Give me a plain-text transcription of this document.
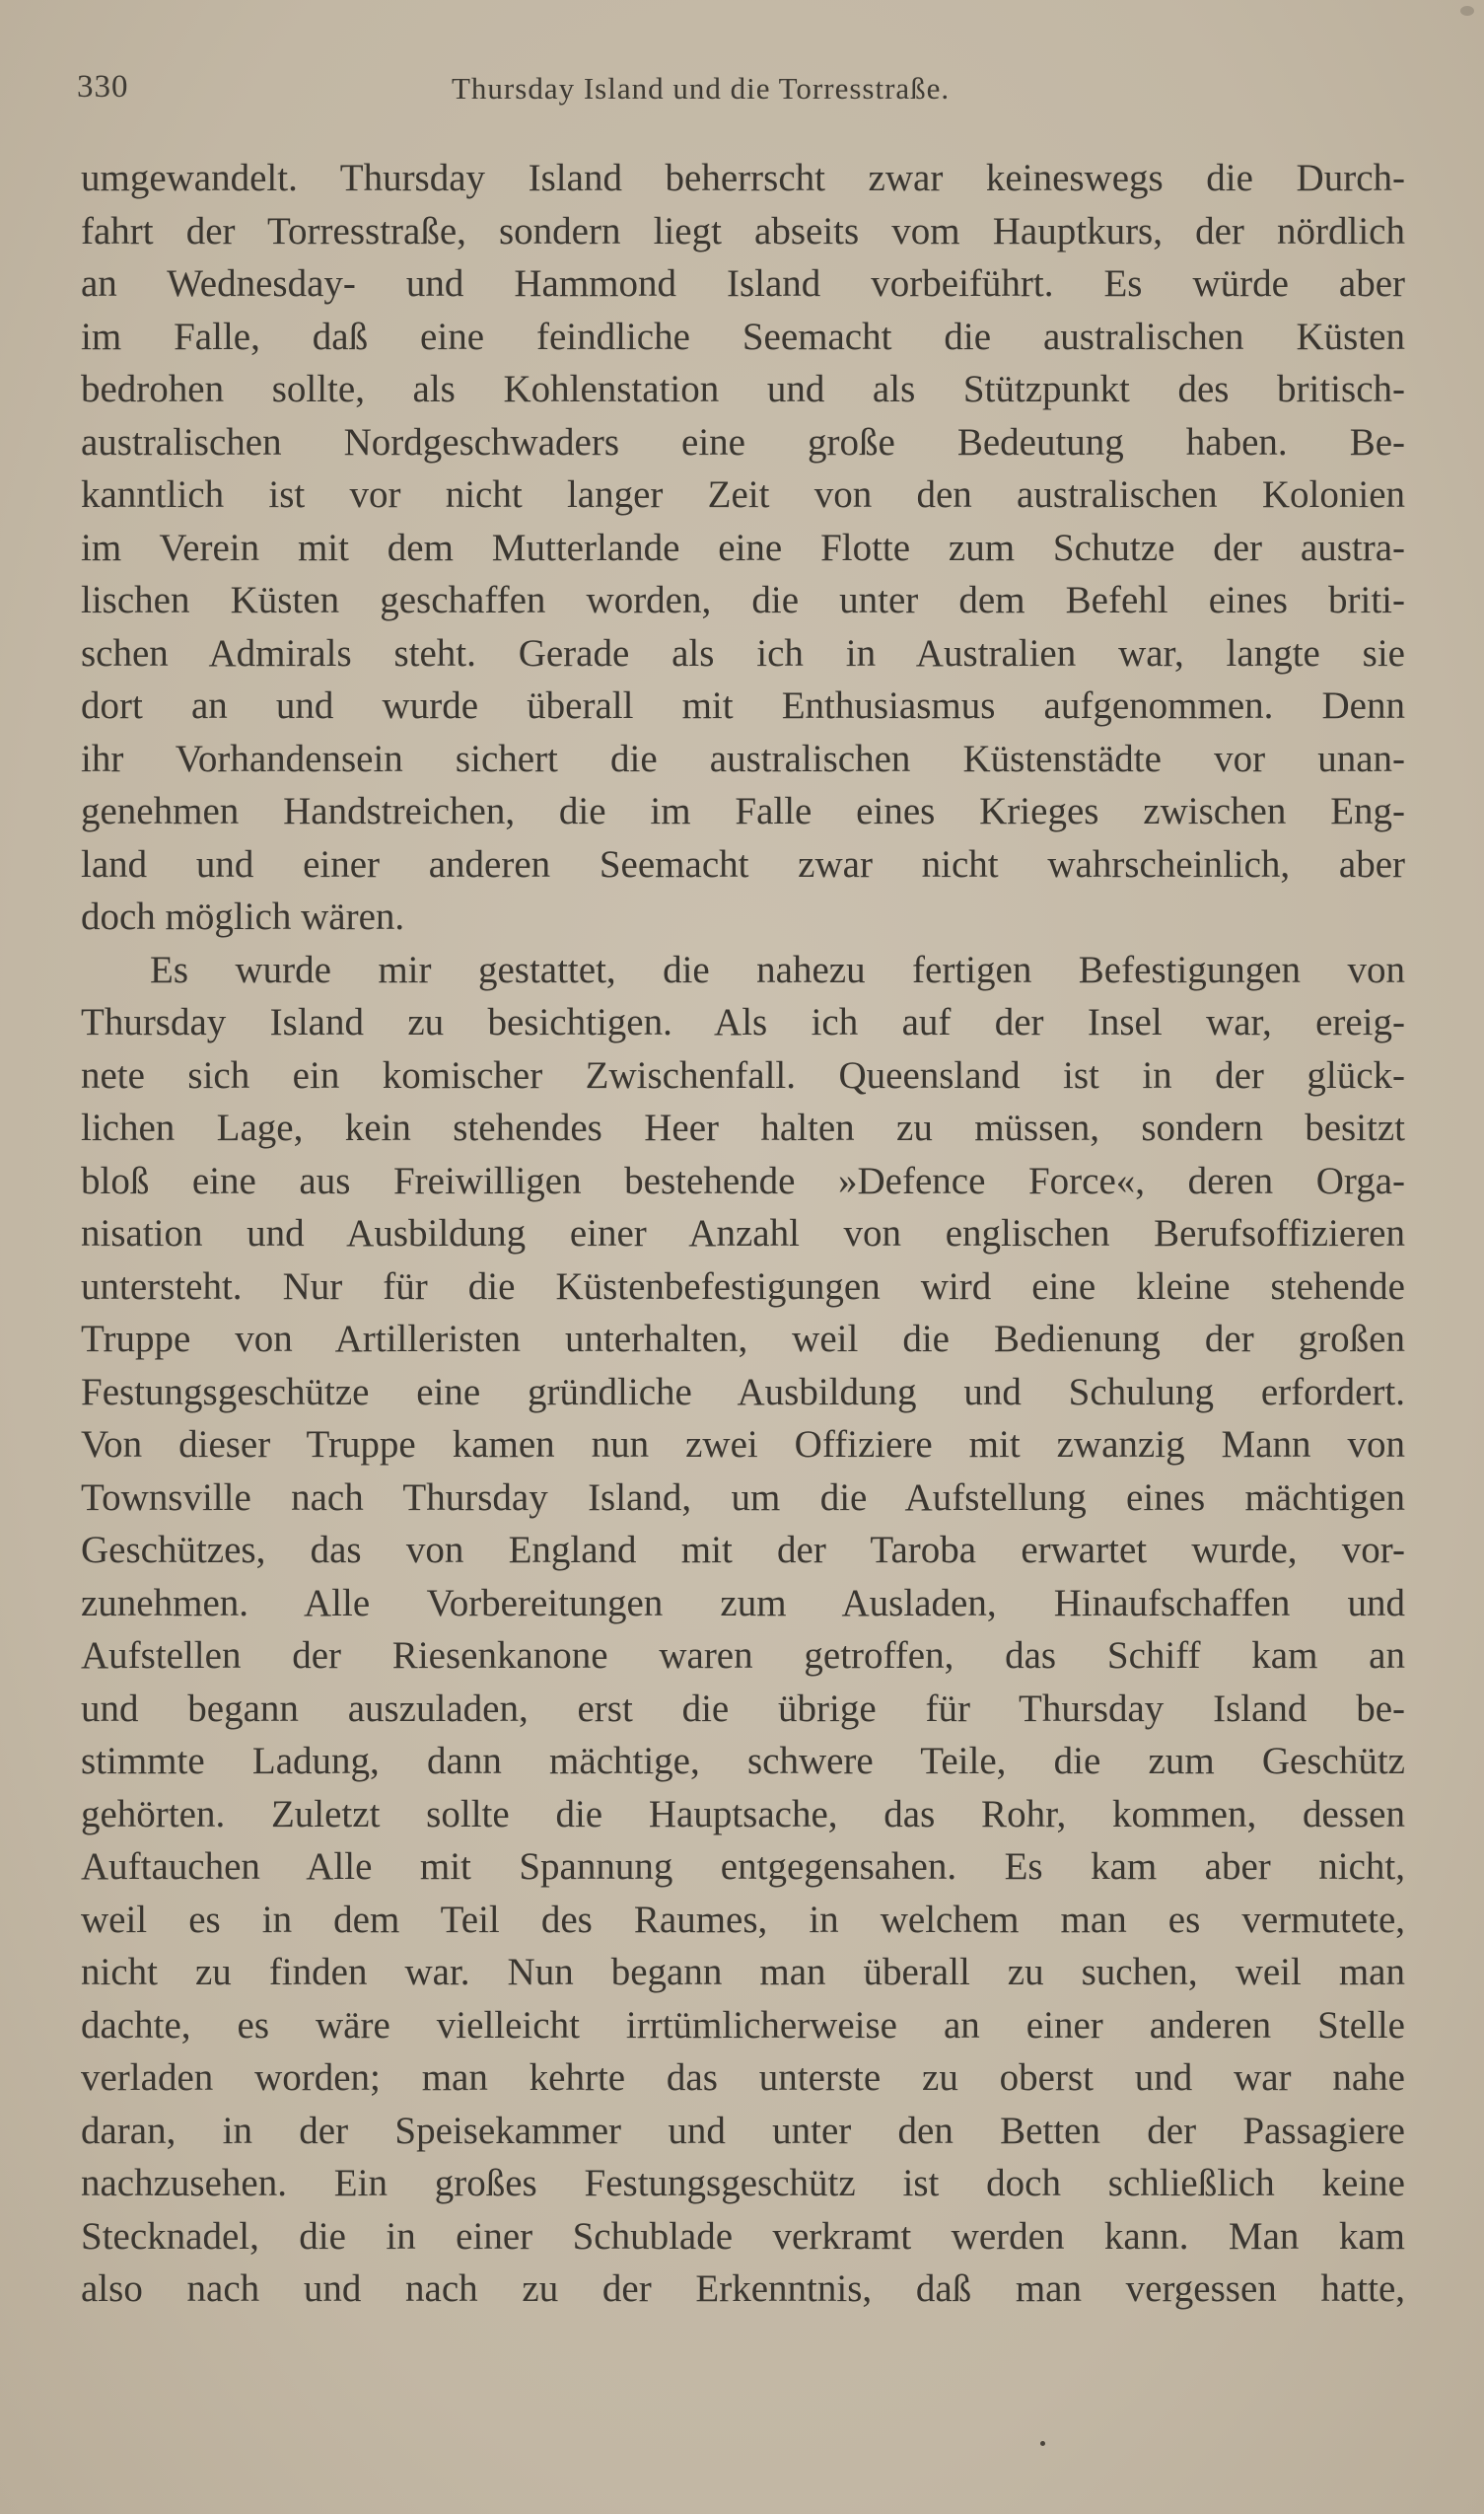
330	Thursday Island und die Torresstraße.
umgewandelt. Thursday Island beherrscht zwar keineswegs die Durch-
fahrt der Torresstraße, sondern liegt abseits vom Hauptkurs, der nördlich
an Wednesday- und Hammond Island vorbeiführt. Es würde aber
im Falle, daß eine feindliche Seemacht die australischen Küsten
bedrohen sollte, als Kohlenstation und als Stützpunkt des britisch-
australischen Nordgeschwaders eine große Bedeutung haben. Be-
kanntlich ist vor nicht langer Zeit von den australischen Kolonien
im Verein mit dem Mutterlande eine Flotte zum Schutze der austra-
lischen Küsten geschaffen worden, die unter dem Befehl eines briti-
schen Admirals steht. Gerade als ich in Australien war, langte sie
dort an und wurde überall mit Enthusiasmus aufgenommen. Denn
ihr Vorhandensein sichert die australischen Küstenstädte vor unan-
genehmen Handstreichen, die im Falle eines Krieges zwischen Eng-
land und einer anderen Seemacht zwar nicht wahrscheinlich, aber
doch möglich wären.
Es wurde mir gestattet, die nahezu fertigen Befestigungen von
Thursday Island zu besichtigen. Als ich auf der Insel war, ereig-
nete sich ein komischer Zwischenfall. Queensland ist in der glück-
lichen Lage, kein stehendes Heer halten zu müssen, sondern besitzt
bloß eine aus Freiwilligen bestehende »Defence Force«, deren Orga-
nisation und Ausbildung einer Anzahl von englischen Berufsoffizieren
untersteht. Nur für die Küstenbefestigungen wird eine kleine stehende
Truppe von Artilleristen unterhalten, weil die Bedienung der großen
Festungsgeschütze eine gründliche Ausbildung und Schulung erfordert.
Von dieser Truppe kamen nun zwei Offiziere mit zwanzig Mann von
Townsville nach Thursday Island, um die Aufstellung eines mächtigen
Geschützes, das von England mit der Taroba erwartet wurde, vor-
zunehmen. Alle Vorbereitungen zum Ausladen, Hinaufschaffen und
Aufstellen der Riesenkanone waren getroffen, das Schiff kam an
und begann auszuladen, erst die übrige für Thursday Island be-
stimmte Ladung, dann mächtige, schwere Teile, die zum Geschütz
gehörten. Zuletzt sollte die Hauptsache, das Rohr, kommen, dessen
Auftauchen Alle mit Spannung entgegensahen. Es kam aber nicht,
weil es in dem Teil des Raumes, in welchem man es vermutete,
nicht zu finden war. Nun begann man überall zu suchen, weil man
dachte, es wäre vielleicht irrtümlicherweise an einer anderen Stelle
verladen worden; man kehrte das unterste zu oberst und war nahe
daran, in der Speisekammer und unter den Betten der Passagiere
nachzusehen. Ein großes Festungsgeschütz ist doch schließlich keine
Stecknadel, die in einer Schublade verkramt werden kann. Man kam
also nach und nach zu der Erkenntnis, daß man vergessen hatte,
